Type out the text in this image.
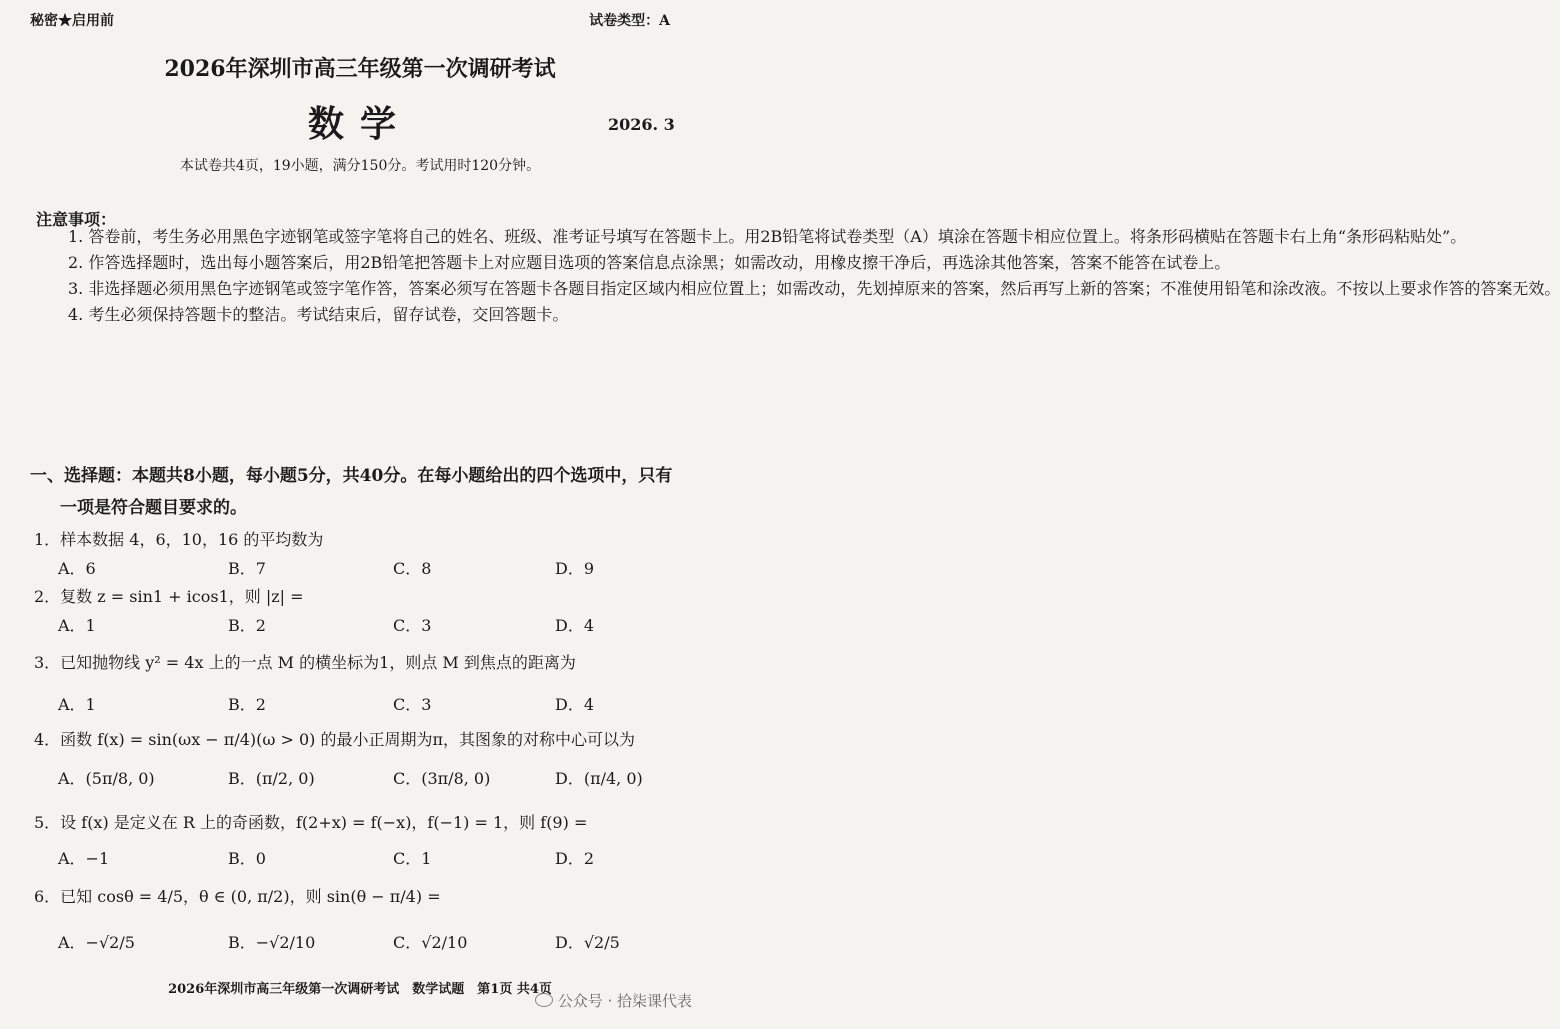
秘密★启用前	试卷类型：A
2026年深圳市高三年级第一次调研考试
数学	2026. 3
本试卷共4页，19小题，满分150分。考试用时120分钟。
注意事项：

1. 答卷前，考生务必用黑色字迹钢笔或签字笔将自己的姓名、班级、准考证号填写在答题卡上。用2B铅笔将试卷类型（A）填涂在答题卡相应位置上。将条形码横贴在答题卡右上角“条形码粘贴处”。

2. 作答选择题时，选出每小题答案后，用2B铅笔把答题卡上对应题目选项的答案信息点涂黑；如需改动，用橡皮擦干净后，再选涂其他答案，答案不能答在试卷上。

3. 非选择题必须用黑色字迹钢笔或签字笔作答，答案必须写在答题卡各题目指定区域内相应位置上；如需改动，先划掉原来的答案，然后再写上新的答案；不准使用铅笔和涂改液。不按以上要求作答的答案无效。

4. 考生必须保持答题卡的整洁。考试结束后，留存试卷，交回答题卡。

一、选择题：本题共8小题，每小题5分，共40分。在每小题给出的四个选项中，只有
一项是符合题目要求的。
1．样本数据 4，6，10，16 的平均数为
A．6	B．7	C．8	D．9
2．复数 z = sin1 + icos1，则 |z| =
A．1	B．2	C．3	D．4
3．已知抛物线 y² = 4x 上的一点 M 的横坐标为1，则点 M 到焦点的距离为
A．1	B．2	C．3	D．4
4．函数 f(x) = sin(ωx − π/4)(ω > 0) 的最小正周期为π，其图象的对称中心可以为
A．(5π/8, 0)	B．(π/2, 0)	C．(3π/8, 0)	D．(π/4, 0)
5．设 f(x) 是定义在 R 上的奇函数，f(2+x) = f(−x)，f(−1) = 1，则 f(9) =
A．−1	B．0	C．1	D．2
6．已知 cosθ = 4/5，θ ∈ (0, π/2)，则 sin(θ − π/4) =
A．−√2/5	B．−√2/10	C．√2/10	D．√2/5
2026年深圳市高三年级第一次调研考试　数学试题　第1页 共4页
公众号 · 拾柒课代表
